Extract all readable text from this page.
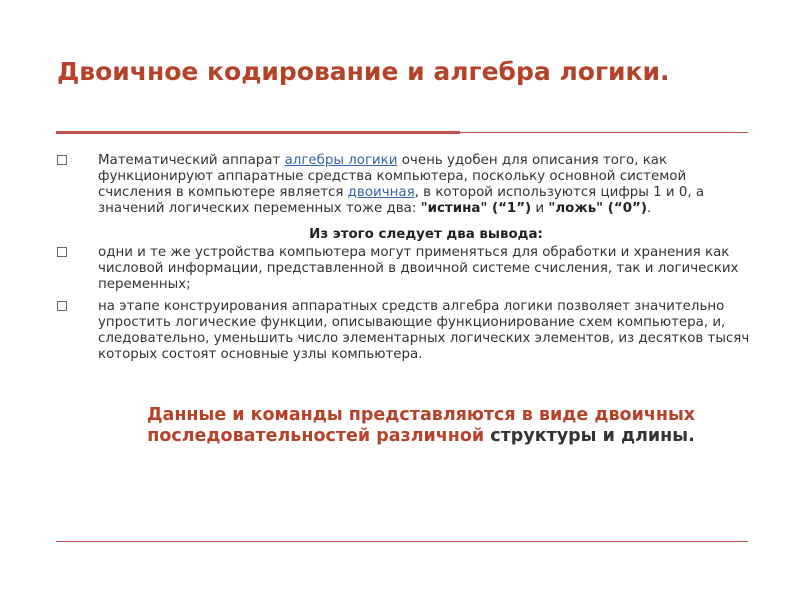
Двоичное кодирование и алгебра логики.

Математический аппарат алгебры логики очень удобен для описания того, как функционируют аппаратные средства компьютера, поскольку основной системой счисления в компьютере является двоичная, в которой используются цифры 1 и 0, а значений логических переменных тоже два: "истина" (“1”) и "ложь" (“0”).

Из этого следует два вывода:

одни и те же устройства компьютера могут применяться для обработки и хранения как числовой информации, представленной в двоичной системе счисления, так и логических переменных;

на этапе конструирования аппаратных средств алгебра логики позволяет значительно упростить логические функции, описывающие функционирование схем компьютера, и, следовательно, уменьшить число элементарных логических элементов, из десятков тысяч которых состоят основные узлы компьютера.

Данные и команды представляются в виде двоичных последовательностей различной структуры и длины.
